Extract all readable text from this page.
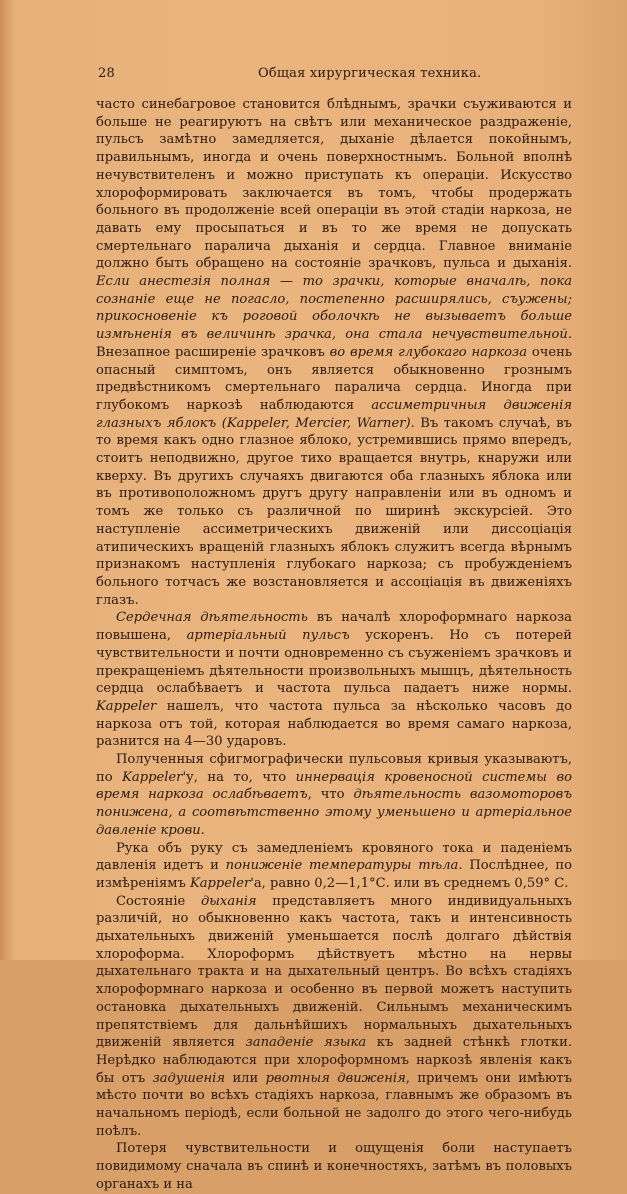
28	Общая хирургическая техника.

часто синебагровое становится блѣднымъ, зрачки съуживаются и больше не реагируютъ на свѣтъ или механическое раздраженіе, пульсъ замѣтно замедляется, дыханіе дѣлается покойнымъ, правильнымъ, иногда и очень поверхностнымъ. Больной вполнѣ нечувствителенъ и можно приступать къ операціи. Искусство хлороформировать заключается въ томъ, чтобы продержать больного въ продолженіе всей операціи въ этой стадіи наркоза, не давать ему просыпаться и въ то же время не допускать смертельнаго паралича дыханія и сердца. Главное вниманіе должно быть обращено на состояніе зрачковъ, пульса и дыханія. Если анестезія полная — то зрачки, которые вначалѣ, пока сознаніе еще не погасло, постепенно расширялись, съужены; прикосновеніе къ роговой оболочкѣ не вызываетъ больше измѣненія въ величинѣ зрачка, она стала нечувствительной. Внезапное расширеніе зрачковъ во время глубокаго наркоза очень опасный симптомъ, онъ является обыкновенно грознымъ предвѣстникомъ смертельнаго паралича сердца. Иногда при глубокомъ наркозѣ наблюдаются ассиметричныя движенія глазныхъ яблокъ (Kappeler, Mercier, Warner). Въ такомъ случаѣ, въ то время какъ одно глазное яблоко, устремившись прямо впередъ, стоитъ неподвижно, другое тихо вращается внутрь, кнаружи или кверху. Въ другихъ случаяхъ двигаются оба глазныхъ яблока или въ противоположномъ другъ другу направленіи или въ одномъ и томъ же только съ различной по ширинѣ экскурсіей. Это наступленіе ассиметрическихъ движеній или диссоціація атипическихъ вращеній глазныхъ яблокъ служитъ всегда вѣрнымъ признакомъ наступленія глубокаго наркоза; съ пробужденіемъ больного тотчасъ же возстановляется и ассоціація въ движеніяхъ глазъ.

Сердечная дѣятельность въ началѣ хлороформнаго наркоза повышена, артеріальный пульсъ ускоренъ. Но съ потерей чувствительности и почти одновременно съ съуженіемъ зрачковъ и прекращеніемъ дѣятельности произвольныхъ мышцъ, дѣятельность сердца ослабѣваетъ и частота пульса падаетъ ниже нормы. Kappeler нашелъ, что частота пульса за нѣсколько часовъ до наркоза отъ той, которая наблюдается во время самаго наркоза, разнится на 4—30 ударовъ.

Полученныя сфигмографически пульсовыя кривыя указываютъ, по Kappeler'у, на то, что иннервація кровеносной системы во время наркоза ослабѣваетъ, что дѣятельность вазомоторовъ понижена, а соотвѣтственно этому уменьшено и артеріальное давленіе крови.

Рука объ руку съ замедленіемъ кровяного тока и паденіемъ давленія идетъ и пониженіе температуры тѣла. Послѣднее, по измѣреніямъ Kappeler'а, равно 0,2—1,1°С. или въ среднемъ 0,59° С.

Состояніе дыханія представляетъ много индивидуальныхъ различій, но обыкновенно какъ частота, такъ и интенсивность дыхательныхъ движеній уменьшается послѣ долгаго дѣйствія хлороформа. Хлороформъ дѣйствуетъ мѣстно на нервы дыхательнаго тракта и на дыхательный центръ. Во всѣхъ стадіяхъ хлороформнаго наркоза и особенно въ первой можетъ наступить остановка дыхательныхъ движеній. Сильнымъ механическимъ препятствіемъ для дальнѣйшихъ нормальныхъ дыхательныхъ движеній является западеніе языка къ задней стѣнкѣ глотки. Нерѣдко наблюдаются при хлороформномъ наркозѣ явленія какъ бы отъ задушенія или рвотныя движенія, причемъ они имѣютъ мѣсто почти во всѣхъ стадіяхъ наркоза, главнымъ же образомъ въ начальномъ періодѣ, если больной не задолго до этого чего-нибудь поѣлъ.

Потеря чувствительности и ощущенія боли наступаетъ повидимому сначала въ спинѣ и конечностяхъ, затѣмъ въ половыхъ органахъ и на
